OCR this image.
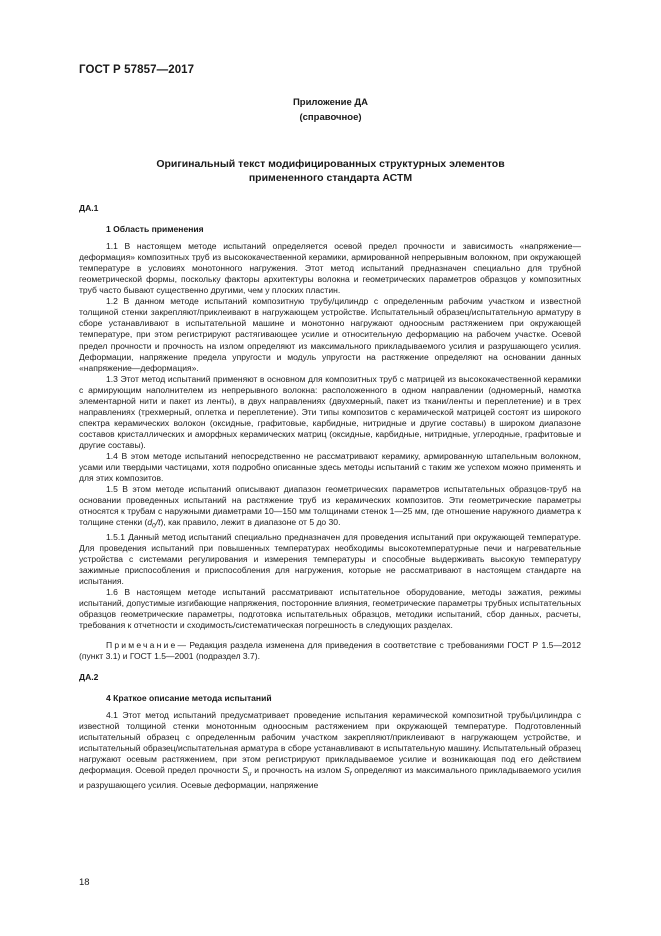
ГОСТ Р 57857—2017
Приложение ДА
(справочное)
Оригинальный текст модифицированных структурных элементов
примененного стандарта АСТМ

ДА.1

1 Область применения

1.1 В настоящем методе испытаний определяется осевой предел прочности и зависимость «напряжение—деформация» композитных труб из высококачественной керамики, армированной непрерывным волокном, при окружающей температуре в условиях монотонного нагружения. Этот метод испытаний предназначен специально для трубной геометрической формы, поскольку факторы архитектуры волокна и геометрических параметров образцов у композитных труб часто бывают существенно другими, чем у плоских пластин.

1.2 В данном методе испытаний композитную трубу/цилиндр с определенным рабочим участком и известной толщиной стенки закрепляют/приклеивают в нагружающем устройстве. Испытательный образец/испытательную арматуру в сборе устанавливают в испытательной машине и монотонно нагружают одноосным растяжением при окружающей температуре, при этом регистрируют растягивающее усилие и относительную деформацию на рабочем участке. Осевой предел прочности и прочность на излом определяют из максимального прикладываемого усилия и разрушающего усилия. Деформации, напряжение предела упругости и модуль упругости на растяжение определяют на основании данных «напряжение—деформация».

1.3 Этот метод испытаний применяют в основном для композитных труб с матрицей из высококачественной керамики с армирующим наполнителем из непрерывного волокна: расположенного в одном направлении (одномерный, намотка элементарной нити и пакет из ленты), в двух направлениях (двухмерный, пакет из ткани/ленты и переплетение) и в трех направлениях (трехмерный, оплетка и переплетение). Эти типы композитов с керамической матрицей состоят из широкого спектра керамических волокон (оксидные, графитовые, карбидные, нитридные и другие составы) в широком диапазоне составов кристаллических и аморфных керамических матриц (оксидные, карбидные, нитридные, углеродные, графитовые и другие составы).

1.4 В этом методе испытаний непосредственно не рассматривают керамику, армированную штапельным волокном, усами или твердыми частицами, хотя подробно описанные здесь методы испытаний с таким же успехом можно применять и для этих композитов.

1.5 В этом методе испытаний описывают диапазон геометрических параметров испытательных образцов-труб на основании проведенных испытаний на растяжение труб из керамических композитов. Эти геометрические параметры относятся к трубам с наружными диаметрами 10—150 мм толщинами стенок 1—25 мм, где отношение наружного диаметра к толщине стенки $(d_0/t)$, как правило, лежит в диапазоне от 5 до 30.

1.5.1 Данный метод испытаний специально предназначен для проведения испытаний при окружающей температуре. Для проведения испытаний при повышенных температурах необходимы высокотемпературные печи и нагревательные устройства с системами регулирования и измерения температуры и способные выдерживать высокую температуру зажимные приспособления и приспособления для нагружения, которые не рассматривают в настоящем стандарте на испытания.

1.6 В настоящем методе испытаний рассматривают испытательное оборудование, методы зажатия, режимы испытаний, допустимые изгибающие напряжения, посторонние влияния, геометрические параметры трубных испытательных образцов геометрические параметры, подготовка испытательных образцов, методики испытаний, сбор данных, расчеты, требования к отчетности и сходимость/систематическая погрешность в следующих разделах.

Примечание— Редакция раздела изменена для приведения в соответствие с требованиями ГОСТ Р 1.5—2012 (пункт 3.1) и ГОСТ 1.5—2001 (подраздел 3.7).

ДА.2

4 Краткое описание метода испытаний

4.1 Этот метод испытаний предусматривает проведение испытания керамической композитной трубы/цилиндра с известной толщиной стенки монотонным одноосным растяжением при окружающей температуре. Подготовленный испытательный образец с определенным рабочим участком закрепляют/приклеивают в нагружающем устройстве, и испытательный образец/испытательная арматура в сборе устанавливают в испытательную машину. Испытательный образец нагружают осевым растяжением, при этом регистрируют прикладываемое усилие и возникающая под его действием деформация. Осевой предел прочности $S_u$ и прочность на излом $S_f$ определяют из максимального прикладываемого усилия и разрушающего усилия. Осевые деформации, напряжение

18
